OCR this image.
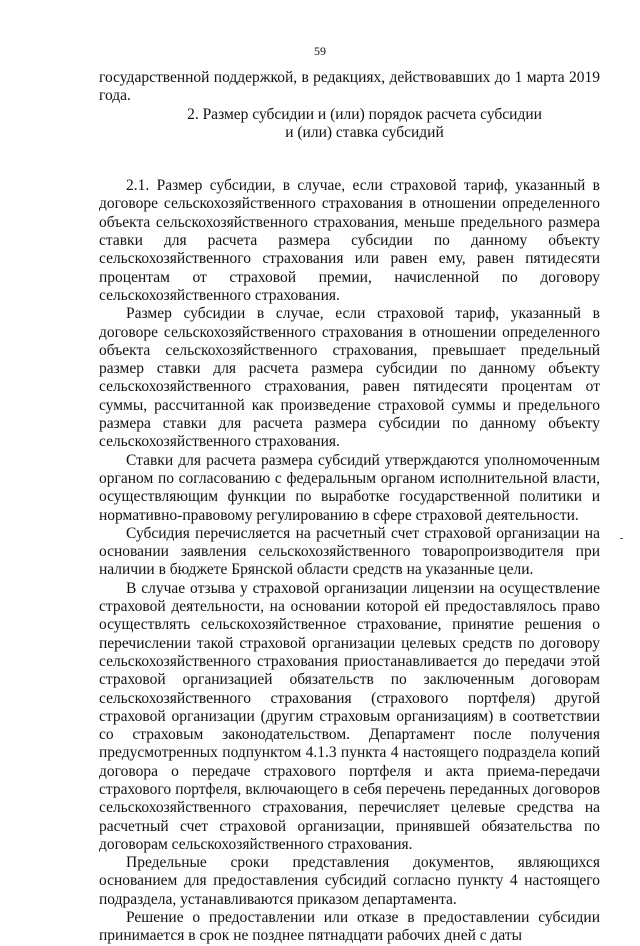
59

государственной поддержкой, в редакциях, действовавших до 1 марта 2019 года.

2. Размер субсидии и (или) порядок расчета субсидии

и (или) ставка субсидий

2.1. Размер субсидии, в случае, если страховой тариф, указанный в договоре сельскохозяйственного страхования в отношении определенного объекта сельскохозяйственного страхования, меньше предельного размера ставки для расчета размера субсидии по данному объекту сельскохозяйственного страхования или равен ему, равен пятидесяти процентам от страховой премии, начисленной по договору сельскохозяйственного страхования.

Размер субсидии в случае, если страховой тариф, указанный в договоре сельскохозяйственного страхования в отношении определенного объекта сельскохозяйственного страхования, превышает предельный размер ставки для расчета размера субсидии по данному объекту сельскохозяйственного страхования, равен пятидесяти процентам от суммы, рассчитанной как произведение страховой суммы и предельного размера ставки для расчета размера субсидии по данному объекту сельскохозяйственного страхования.

Ставки для расчета размера субсидий утверждаются уполномоченным органом по согласованию с федеральным органом исполнительной власти, осуществляющим функции по выработке государственной политики и нормативно-правовому регулированию в сфере страховой деятельности.

Субсидия перечисляется на расчетный счет страховой организации на основании заявления сельскохозяйственного товаропроизводителя при наличии в бюджете Брянской области средств на указанные цели.

В случае отзыва у страховой организации лицензии на осуществление страховой деятельности, на основании которой ей предоставлялось право осуществлять сельскохозяйственное страхование, принятие решения о перечислении такой страховой организации целевых средств по договору сельскохозяйственного страхования приостанавливается до передачи этой страховой организацией обязательств по заключенным договорам сельскохозяйственного страхования (страхового портфеля) другой страховой организации (другим страховым организациям) в соответствии со страховым законодательством. Департамент после получения предусмотренных подпунктом 4.1.3 пункта 4 настоящего подраздела копий договора о передаче страхового портфеля и акта приема-передачи страхового портфеля, включающего в себя перечень переданных договоров сельскохозяйственного страхования, перечисляет целевые средства на расчетный счет страховой организации, принявшей обязательства по договорам сельскохозяйственного страхования.

Предельные сроки представления документов, являющихся основанием для предоставления субсидий согласно пункту 4 настоящего подраздела, устанавливаются приказом департамента.

Решение о предоставлении или отказе в предоставлении субсидии принимается в срок не позднее пятнадцати рабочих дней с даты
